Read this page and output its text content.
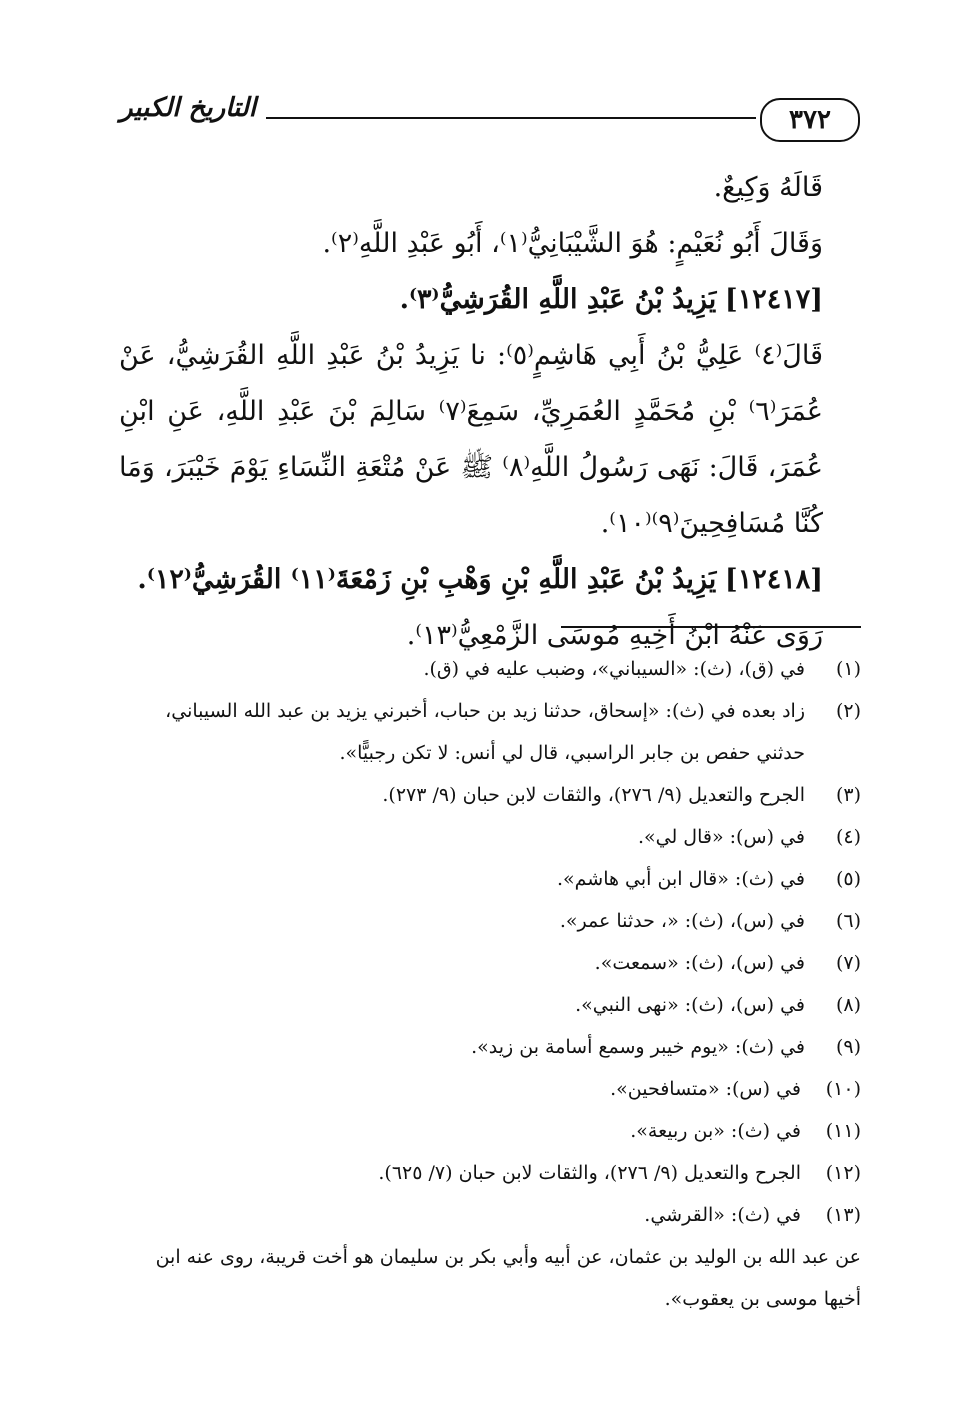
٣٧٢
التاريخ الكبير

قَالَهُ وَكِيعٌ.

وَقَالَ أَبُو نُعَيْمٍ: هُوَ الشَّيْبَانِيُّ⁽١⁾، أَبُو عَبْدِ اللَّهِ⁽٢⁾.

[١٢٤١٧] يَزِيدُ بْنُ عَبْدِ اللَّهِ القُرَشِيُّ⁽٣⁾.

قَالَ⁽٤⁾ عَلِيُّ بْنُ أَبِي هَاشِمٍ⁽٥⁾: نا يَزِيدُ بْنُ عَبْدِ اللَّهِ القُرَشِيُّ، عَنْ عُمَرَ⁽٦⁾ بْنِ مُحَمَّدٍ العُمَرِيِّ، سَمِعَ⁽٧⁾ سَالِمَ بْنَ عَبْدِ اللَّهِ، عَنِ ابْنِ عُمَرَ، قَالَ: نَهَى رَسُولُ اللَّهِ⁽٨⁾ ﷺ عَنْ مُتْعَةِ النِّسَاءِ يَوْمَ خَيْبَرَ، وَمَا كُنَّا مُسَافِحِينَ⁽٩⁾⁽١٠⁾.

[١٢٤١٨] يَزِيدُ بْنُ عَبْدِ اللَّهِ بْنِ وَهْبِ بْنِ زَمْعَةَ⁽١١⁾ القُرَشِيُّ⁽١٢⁾.

رَوَى عَنْهُ ابْنُ أَخِيهِ مُوسَى الزَّمْعِيُّ⁽١٣⁾.

(١)
في (ق)، (ث): «السيباني»، وضبب عليه في (ق).
(٢)
زاد بعده في (ث): «إسحاق، حدثنا زيد بن حباب، أخبرني يزيد بن عبد الله السيباني، حدثني حفص بن جابر الراسبي، قال لي أنس: لا تكن رجبيًّا».
(٣)
الجرح والتعديل (٩/ ٢٧٦)، والثقات لابن حبان (٩/ ٢٧٣).
(٤)
في (س): «قال لي».
(٥)
في (ث): «قال ابن أبي هاشم».
(٦)
في (س)، (ث): «، حدثنا عمر».
(٧)
في (س)، (ث): «سمعت».
(٨)
في (س)، (ث): «نهى النبي».
(٩)
في (ث): «يوم خيبر وسمع أسامة بن زيد».
(١٠)
في (س): «متسافحين».
(١١)
في (ث): «بن ربيعة».
(١٢)
الجرح والتعديل (٩/ ٢٧٦)، والثقات لابن حبان (٧/ ٦٢٥).
(١٣)
في (ث): «القرشي.

عن عبد الله بن الوليد بن عثمان، عن أبيه وأبي بكر بن سليمان هو أخت قريبة، روى عنه ابن أخيها موسى بن يعقوب».
